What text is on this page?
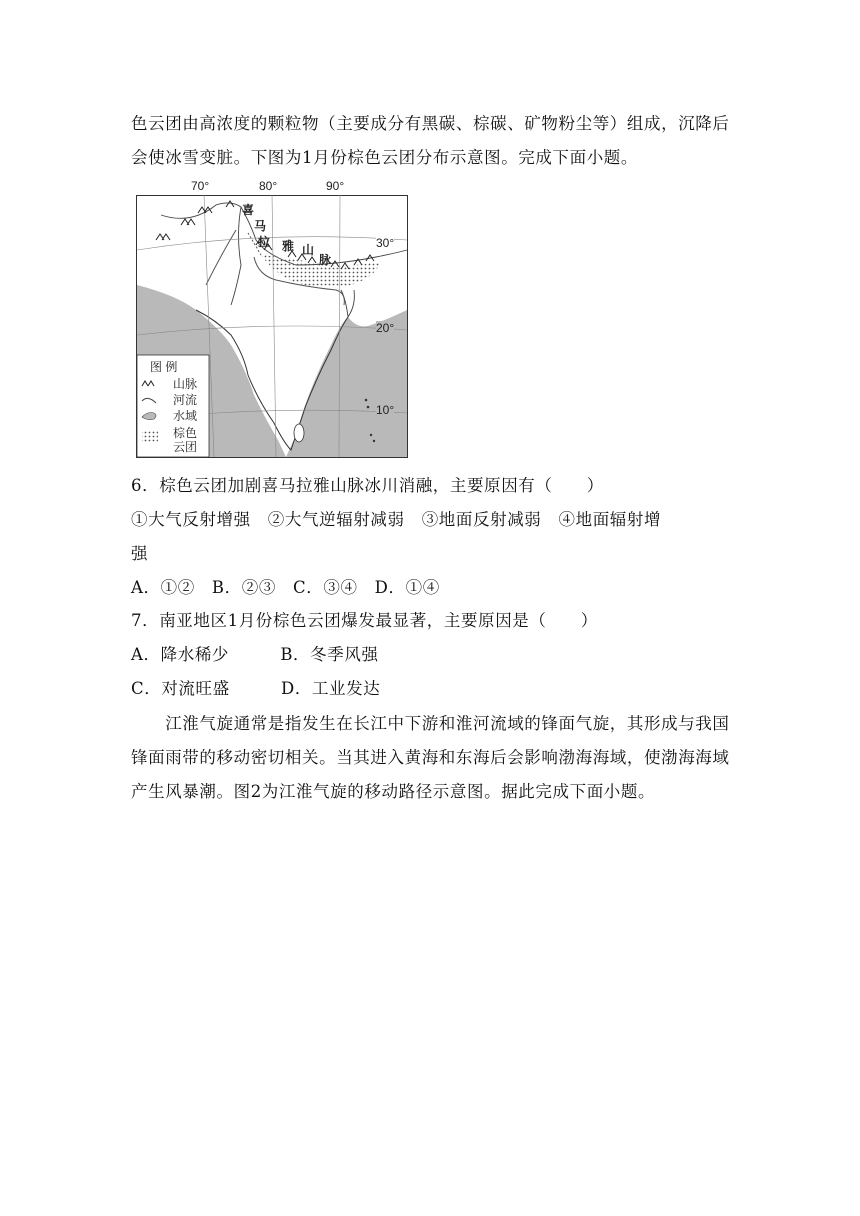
色云团由高浓度的颗粒物（主要成分有黑碳、棕碳、矿物粉尘等）组成，沉降后
会使冰雪变脏。下图为1月份棕色云团分布示意图。完成下面小题。
70°	80°	90°
喜
马
拉 雅 山
脉
30°
20°
10°
图 例
山脉
河流
水域
棕色
云团
6．棕色云团加剧喜马拉雅山脉冰川消融，主要原因有（　　）
①大气反射增强　②大气逆辐射减弱　③地面反射减弱　④地面辐射增
强
A．①②　B．②③　C．③④　D．①④
7．南亚地区1月份棕色云团爆发最显著，主要原因是（　　）
A．降水稀少　　　B．冬季风强
C．对流旺盛　　　D．工业发达
　　江淮气旋通常是指发生在长江中下游和淮河流域的锋面气旋，其形成与我国
锋面雨带的移动密切相关。当其进入黄海和东海后会影响渤海海域，使渤海海域
产生风暴潮。图2为江淮气旋的移动路径示意图。据此完成下面小题。
